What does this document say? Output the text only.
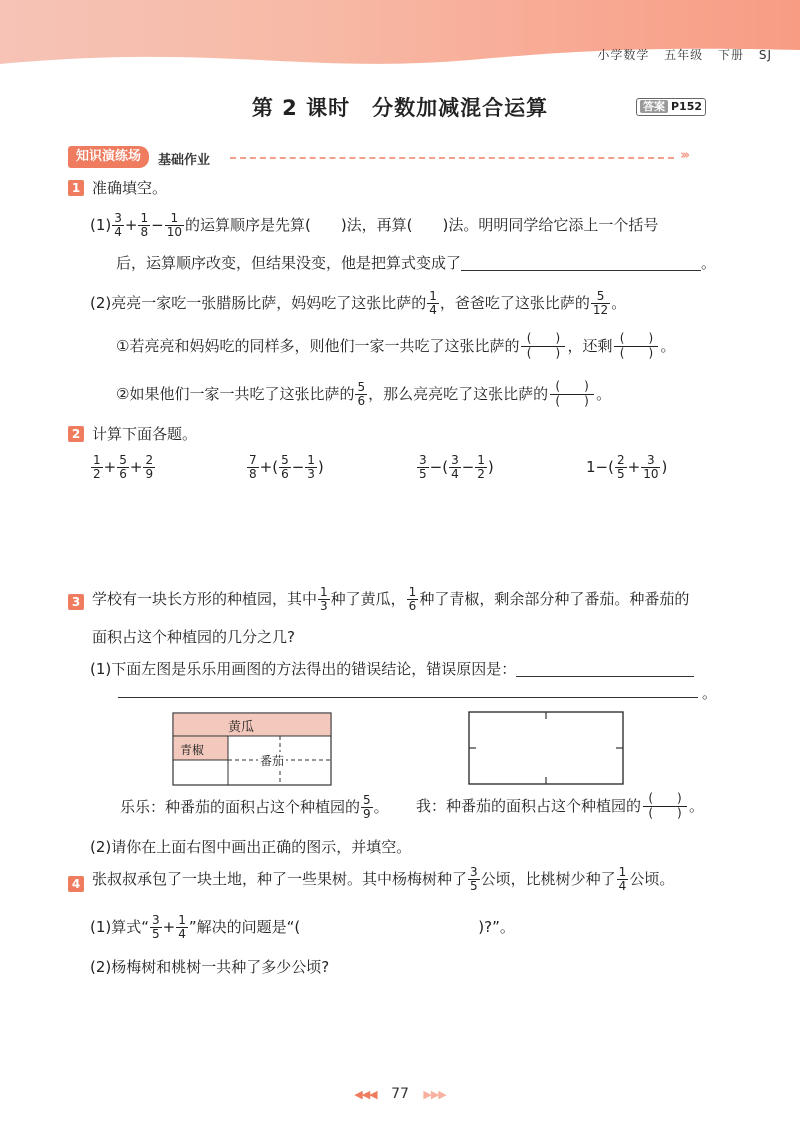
小学数学 五年级 下册 SJ
第 2 课时 分数加减混合运算	答案 P152
知识演练场	基础作业	›››
1 准确填空。
$(1) \frac{3}{4} + \frac{1}{8} - \frac{1}{10}$ 的运算顺序是先算(　　)法，再算(　　)法。明明同学给它添上一个括号
后，运算顺序改变，但结果没变，他是把算式变成了	。
(2)亮亮一家吃一张腊肠比萨，妈妈吃了这张比萨的 $\frac{1}{4}$ ，爸爸吃了这张比萨的 $\frac{5}{12}$ 。
①若亮亮和妈妈吃的同样多，则他们一家一共吃了这张比萨的 $\frac{( )}{( )}$ ，还剩 $\frac{( )}{( )}$ 。
②如果他们一家一共吃了这张比萨的 $\frac{5}{6}$ ，那么亮亮吃了这张比萨的 $\frac{( )}{( )}$ 。
2 计算下面各题。
$\frac{1}{2} + \frac{5}{6} + \frac{2}{9}$	$\frac{7}{8}$ +( $\frac{5}{6} - \frac{1}{3}$ )	$\frac{3}{5}$ −( $\frac{3}{4} - \frac{1}{2}$ )	$1-( \frac{2}{5} + \frac{3}{10}$ )
3 学校有一块长方形的种植园，其中 $\frac{1}{3}$ 种了黄瓜， $\frac{1}{6}$ 种了青椒，剩余部分种了番茄。种番茄的
面积占这个种植园的几分之几?
(1)下面左图是乐乐用画图的方法得出的错误结论，错误原因是：
。
黄瓜
青椒
番茄
乐乐：种番茄的面积占这个种植园的 $\frac{5}{9}$ 。 我：种番茄的面积占这个种植园的 $\frac{( )}{( )}$ 。
(2)请你在上面右图中画出正确的图示，并填空。
4 张叔叔承包了一块土地，种了一些果树。其中杨梅树种了 $\frac{3}{5}$ 公顷，比桃树少种了 $\frac{1}{4}$ 公顷。
(1)算式“ $\frac{3}{5} + \frac{1}{4}$ ”解决的问题是“(	)?”。
(2)杨梅树和桃树一共种了多少公顷?
◀◀◀ 77 ▶▶▶
